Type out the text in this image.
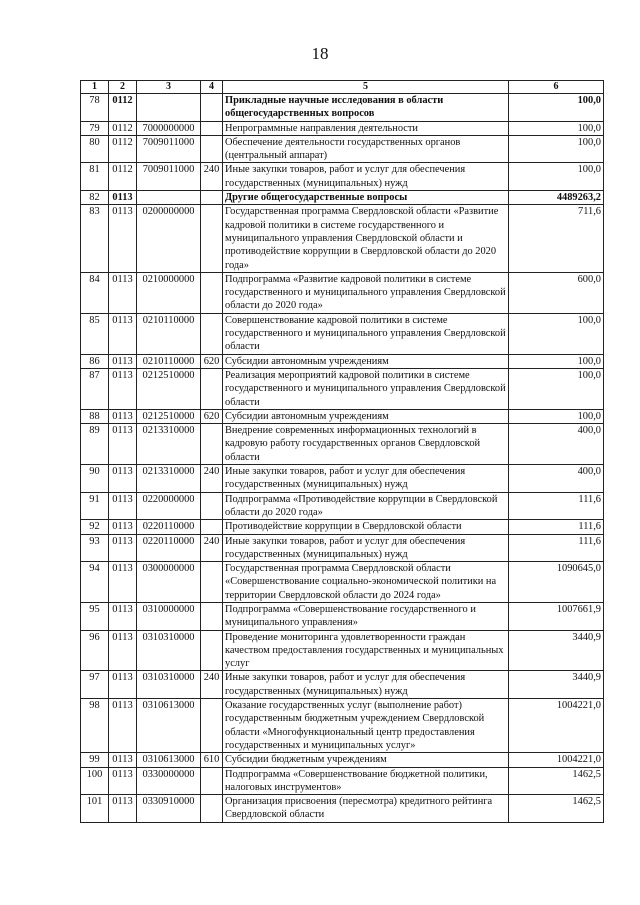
18
1	2	3	4	5	6
78	0112			Прикладные научные исследования в области общегосударственных вопросов	100,0
79	0112	7000000000		Непрограммные направления деятельности	100,0
80	0112	7009011000		Обеспечение деятельности государственных органов (центральный аппарат)	100,0
81	0112	7009011000	240	Иные закупки товаров, работ и услуг для обеспечения государственных (муниципальных) нужд	100,0
82	0113			Другие общегосударственные вопросы	4489263,2
83	0113	0200000000		Государственная программа Свердловской области «Развитие кадровой политики в системе государственного и муниципального управления Свердловской области и противодействие коррупции в Свердловской области до 2020 года»	711,6
84	0113	0210000000		Подпрограмма «Развитие кадровой политики в системе государственного и муниципального управления Свердловской области до 2020 года»	600,0
85	0113	0210110000		Совершенствование кадровой политики в системе государственного и муниципального управления Свердловской области	100,0
86	0113	0210110000	620	Субсидии автономным учреждениям	100,0
87	0113	0212510000		Реализация мероприятий кадровой политики в системе государственного и муниципального управления Свердловской области	100,0
88	0113	0212510000	620	Субсидии автономным учреждениям	100,0
89	0113	0213310000		Внедрение современных информационных технологий в кадровую работу государственных органов Свердловской области	400,0
90	0113	0213310000	240	Иные закупки товаров, работ и услуг для обеспечения государственных (муниципальных) нужд	400,0
91	0113	0220000000		Подпрограмма «Противодействие коррупции в Свердловской области до 2020 года»	111,6
92	0113	0220110000		Противодействие коррупции в Свердловской области	111,6
93	0113	0220110000	240	Иные закупки товаров, работ и услуг для обеспечения государственных (муниципальных) нужд	111,6
94	0113	0300000000		Государственная программа Свердловской области «Совершенствование социально-экономической политики на территории Свердловской области до 2024 года»	1090645,0
95	0113	0310000000		Подпрограмма «Совершенствование государственного и муниципального управления»	1007661,9
96	0113	0310310000		Проведение мониторинга удовлетворенности граждан качеством предоставления государственных и муниципальных услуг	3440,9
97	0113	0310310000	240	Иные закупки товаров, работ и услуг для обеспечения государственных (муниципальных) нужд	3440,9
98	0113	0310613000		Оказание государственных услуг (выполнение работ) государственным бюджетным учреждением Свердловской области «Многофункциональный центр предоставления государственных и муниципальных услуг»	1004221,0
99	0113	0310613000	610	Субсидии бюджетным учреждениям	1004221,0
100	0113	0330000000		Подпрограмма «Совершенствование бюджетной политики, налоговых инструментов»	1462,5
101	0113	0330910000		Организация присвоения (пересмотра) кредитного рейтинга Свердловской области	1462,5
